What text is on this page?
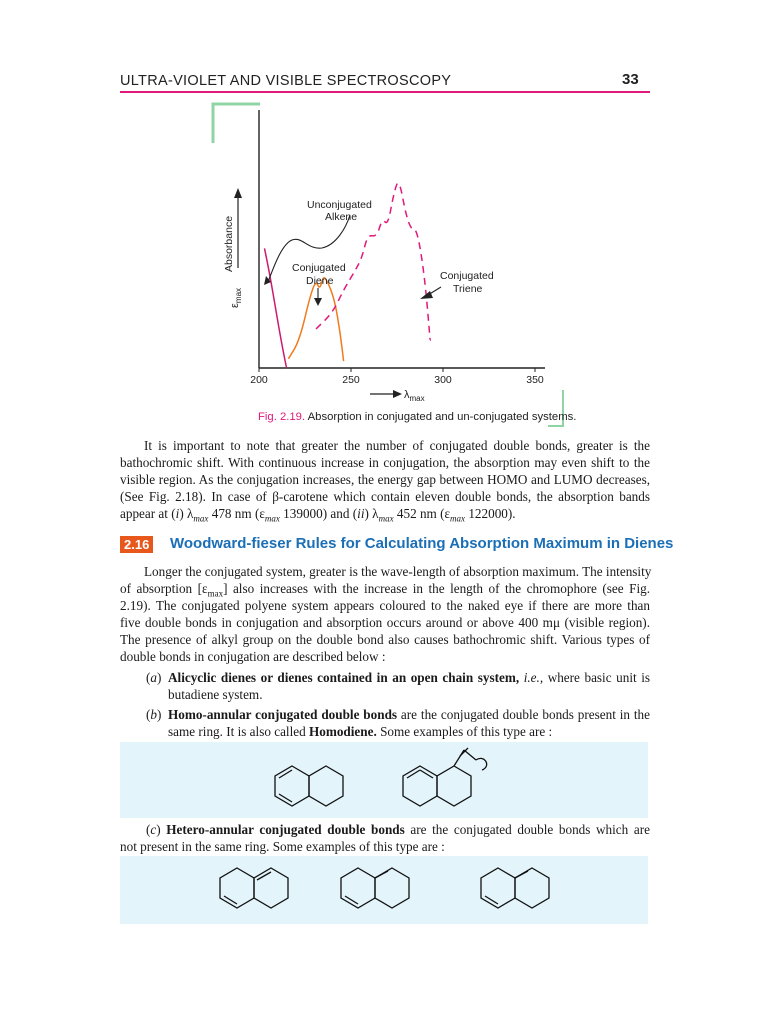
ULTRA-VIOLET AND VISIBLE SPECTROSCOPY	33
200	250	300	350
Absorbance
$\varepsilon_{max}$
$\lambda_{max}$
Unconjugated
Alkene
Conjugated
Diene	Conjugated
Triene
Fig. 2.19. Absorption in conjugated and un-conjugated systems.
It is important to note that greater the number of conjugated double bonds, greater is the
bathochromic shift. With continuous increase in conjugation, the absorption may even shift to the
visible region. As the conjugation increases, the energy gap between HOMO and LUMO decreases,
(See Fig. 2.18). In case of β-carotene which contain eleven double bonds, the absorption bands
appear at (i) $\lambda_{max}$ 478 nm ($\varepsilon_{max}$ 139000) and (ii) $\lambda_{max}$ 452 nm ($\varepsilon_{max}$ 122000).
2.16 Woodward-fieser Rules for Calculating Absorption Maximum in Dienes
Longer the conjugated system, greater is the wave-length of absorption maximum. The intensity
of absorption $[\varepsilon_{max}]$ also increases with the increase in the length of the chromophore (see Fig.
2.19). The conjugated polyene system appears coloured to the naked eye if there are more than
five double bonds in conjugation and absorption occurs around or above 400 mμ (visible region).
The presence of alkyl group on the double bond also causes bathochromic shift. Various types of
double bonds in conjugation are described below :
(a) Alicyclic dienes or dienes contained in an open chain system, i.e., where basic unit is
butadiene system.
(b) Homo-annular conjugated double bonds are the conjugated double bonds present in the
same ring. It is also called Homodiene. Some examples of this type are :
(c) Hetero-annular conjugated double bonds are the conjugated double bonds which are
not present in the same ring. Some examples of this type are :
